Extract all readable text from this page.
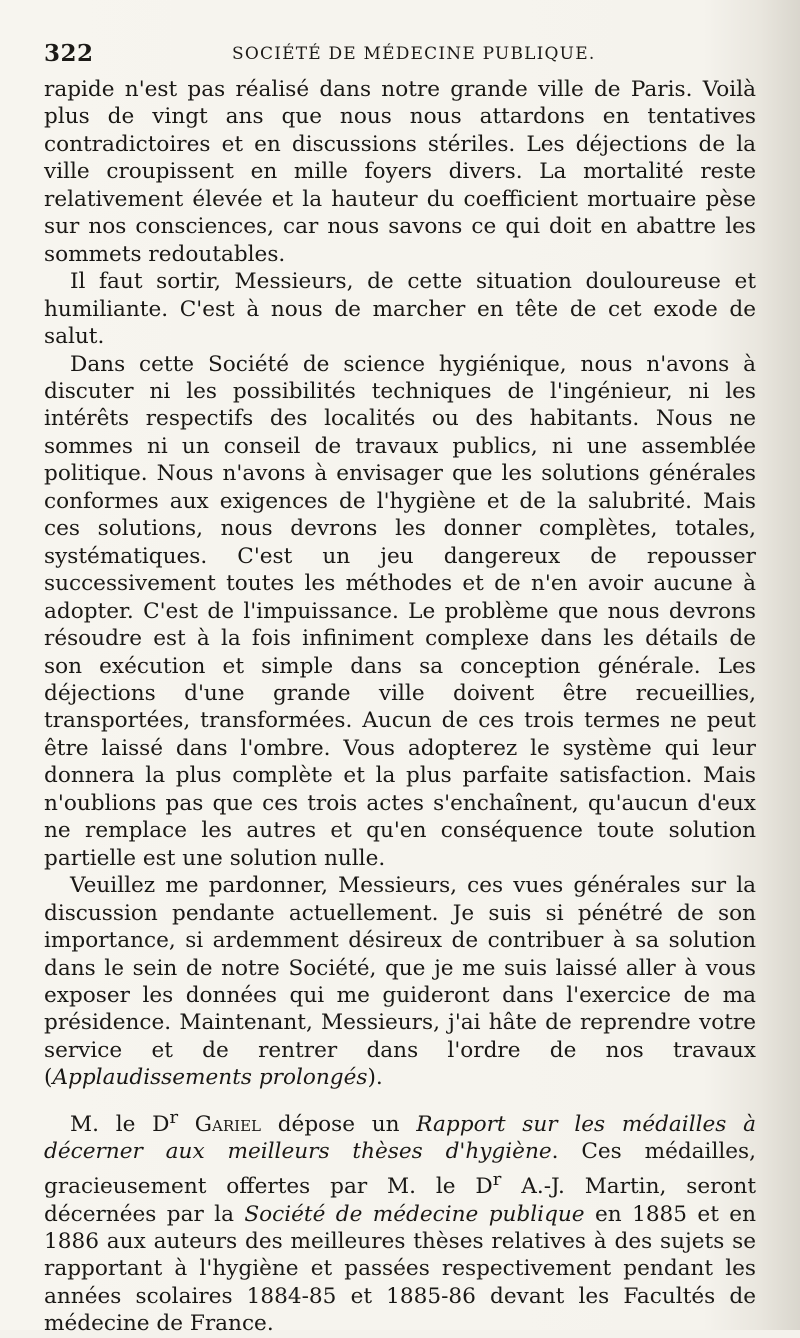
322	SOCIÉTÉ DE MÉDECINE PUBLIQUE.

rapide n'est pas réalisé dans notre grande ville de Paris. Voilà plus de vingt ans que nous nous attardons en tentatives contradictoires et en discussions stériles. Les déjections de la ville croupissent en mille foyers divers. La mortalité reste relativement élevée et la hauteur du coefficient mortuaire pèse sur nos consciences, car nous savons ce qui doit en abattre les sommets redoutables.

Il faut sortir, Messieurs, de cette situation douloureuse et humiliante. C'est à nous de marcher en tête de cet exode de salut.

Dans cette Société de science hygiénique, nous n'avons à discuter ni les possibilités techniques de l'ingénieur, ni les intérêts respectifs des localités ou des habitants. Nous ne sommes ni un conseil de travaux publics, ni une assemblée politique. Nous n'avons à envisager que les solutions générales conformes aux exigences de l'hygiène et de la salubrité. Mais ces solutions, nous devrons les donner complètes, totales, systématiques. C'est un jeu dangereux de repousser successivement toutes les méthodes et de n'en avoir aucune à adopter. C'est de l'impuissance. Le problème que nous devrons résoudre est à la fois infiniment complexe dans les détails de son exécution et simple dans sa conception générale. Les déjections d'une grande ville doivent être recueillies, transportées, transformées. Aucun de ces trois termes ne peut être laissé dans l'ombre. Vous adopterez le système qui leur donnera la plus complète et la plus parfaite satisfaction. Mais n'oublions pas que ces trois actes s'enchaînent, qu'aucun d'eux ne remplace les autres et qu'en conséquence toute solution partielle est une solution nulle.

Veuillez me pardonner, Messieurs, ces vues générales sur la discussion pendante actuellement. Je suis si pénétré de son importance, si ardemment désireux de contribuer à sa solution dans le sein de notre Société, que je me suis laissé aller à vous exposer les données qui me guideront dans l'exercice de ma présidence. Maintenant, Messieurs, j'ai hâte de reprendre votre service et de rentrer dans l'ordre de nos travaux (Applaudissements prolongés).

M. le $D^r$ Gariel dépose un Rapport sur les médailles à décerner aux meilleurs thèses d'hygiène. Ces médailles, gracieusement offertes par M. le $D^r$ A.-J. Martin, seront décernées par la Société de médecine publique en 1885 et en 1886 aux auteurs des meilleures thèses relatives à des sujets se rapportant à l'hygiène et passées respectivement pendant les années scolaires 1884-85 et 1885-86 devant les Facultés de médecine de France.
